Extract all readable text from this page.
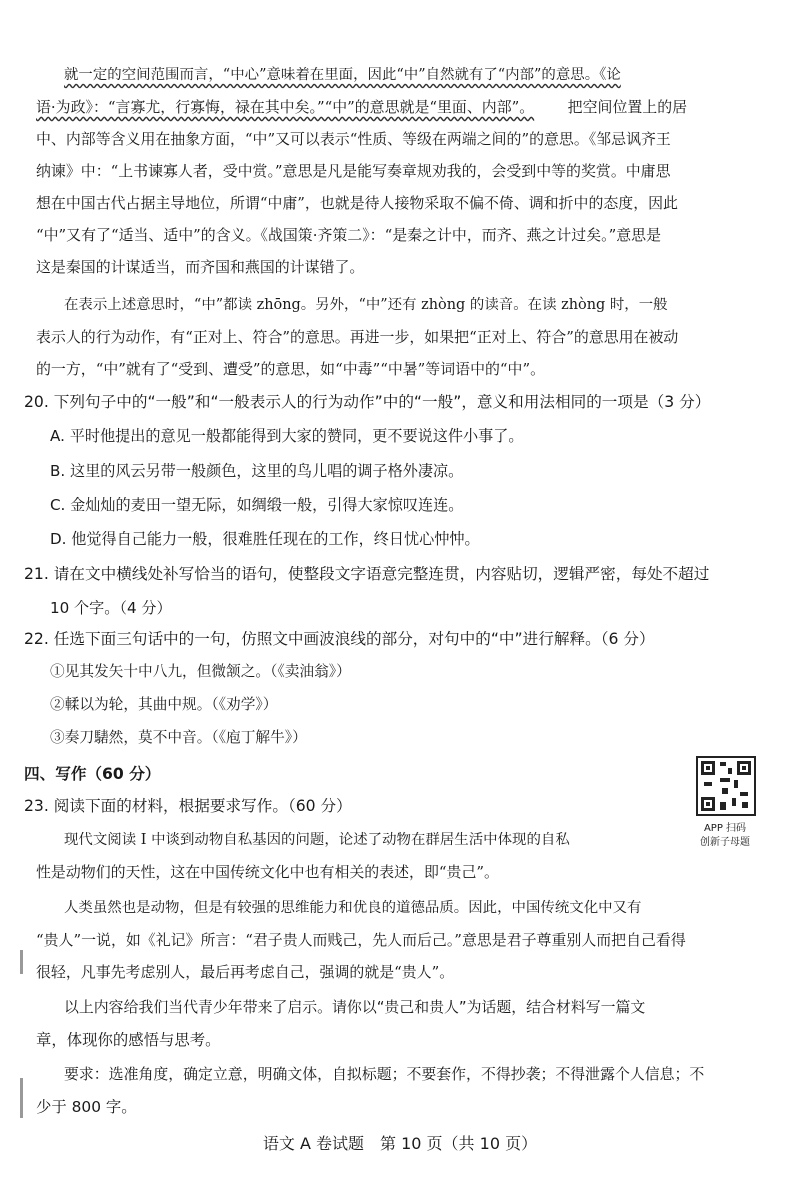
就一定的空间范围而言，“中心”意味着在里面，因此“中”自然就有了“内部”的意思。《论
语·为政》：“言寡尤，行寡悔，禄在其中矣。”“中”的意思就是“里面、内部”。 把空间位置上的居
中、内部等含义用在抽象方面，“中”又可以表示“性质、等级在两端之间的”的意思。《邹忌讽齐王
纳谏》中：“上书谏寡人者，受中赏。”意思是凡是能写奏章规劝我的，会受到中等的奖赏。中庸思
想在中国古代占据主导地位，所谓“中庸”，也就是待人接物采取不偏不倚、调和折中的态度，因此
“中”又有了“适当、适中”的含义。《战国策·齐策二》：“是秦之计中，而齐、燕之计过矣。”意思是
这是秦国的计谋适当，而齐国和燕国的计谋错了。
在表示上述意思时，“中”都读 zhōng。另外，“中”还有 zhòng 的读音。在读 zhòng 时，一般
表示人的行为动作，有“正对上、符合”的意思。再进一步，如果把“正对上、符合”的意思用在被动
的一方，“中”就有了“受到、遭受”的意思，如“中毒”“中暑”等词语中的“中”。
20. 下列句子中的“一般”和“一般表示人的行为动作”中的“一般”，意义和用法相同的一项是（3 分）
A. 平时他提出的意见一般都能得到大家的赞同，更不要说这件小事了。
B. 这里的风云另带一般颜色，这里的鸟儿唱的调子格外凄凉。
C. 金灿灿的麦田一望无际，如绸缎一般，引得大家惊叹连连。
D. 他觉得自己能力一般，很难胜任现在的工作，终日忧心忡忡。
21. 请在文中横线处补写恰当的语句，使整段文字语意完整连贯，内容贴切，逻辑严密，每处不超过
10 个字。（4 分）
22. 任选下面三句话中的一句，仿照文中画波浪线的部分，对句中的“中”进行解释。（6 分）
①见其发矢十中八九，但微颔之。（《卖油翁》）
②輮以为轮，其曲中规。（《劝学》）
③奏刀騞然，莫不中音。（《庖丁解牛》）
四、写作（60 分）
23. 阅读下面的材料，根据要求写作。（60 分）
现代文阅读 Ⅰ 中谈到动物自私基因的问题，论述了动物在群居生活中体现的自私
性是动物们的天性，这在中国传统文化中也有相关的表述，即“贵己”。
人类虽然也是动物，但是有较强的思维能力和优良的道德品质。因此，中国传统文化中又有
“贵人”一说，如《礼记》所言：“君子贵人而贱己，先人而后己。”意思是君子尊重别人而把自己看得
很轻，凡事先考虑别人，最后再考虑自己，强调的就是“贵人”。
以上内容给我们当代青少年带来了启示。请你以“贵己和贵人”为话题，结合材料写一篇文
章，体现你的感悟与思考。
要求：选准角度，确定立意，明确文体，自拟标题；不要套作，不得抄袭；不得泄露个人信息；不
少于 800 字。
APP 扫码
创新子母题
语文 A 卷试题　第 10 页（共 10 页）
